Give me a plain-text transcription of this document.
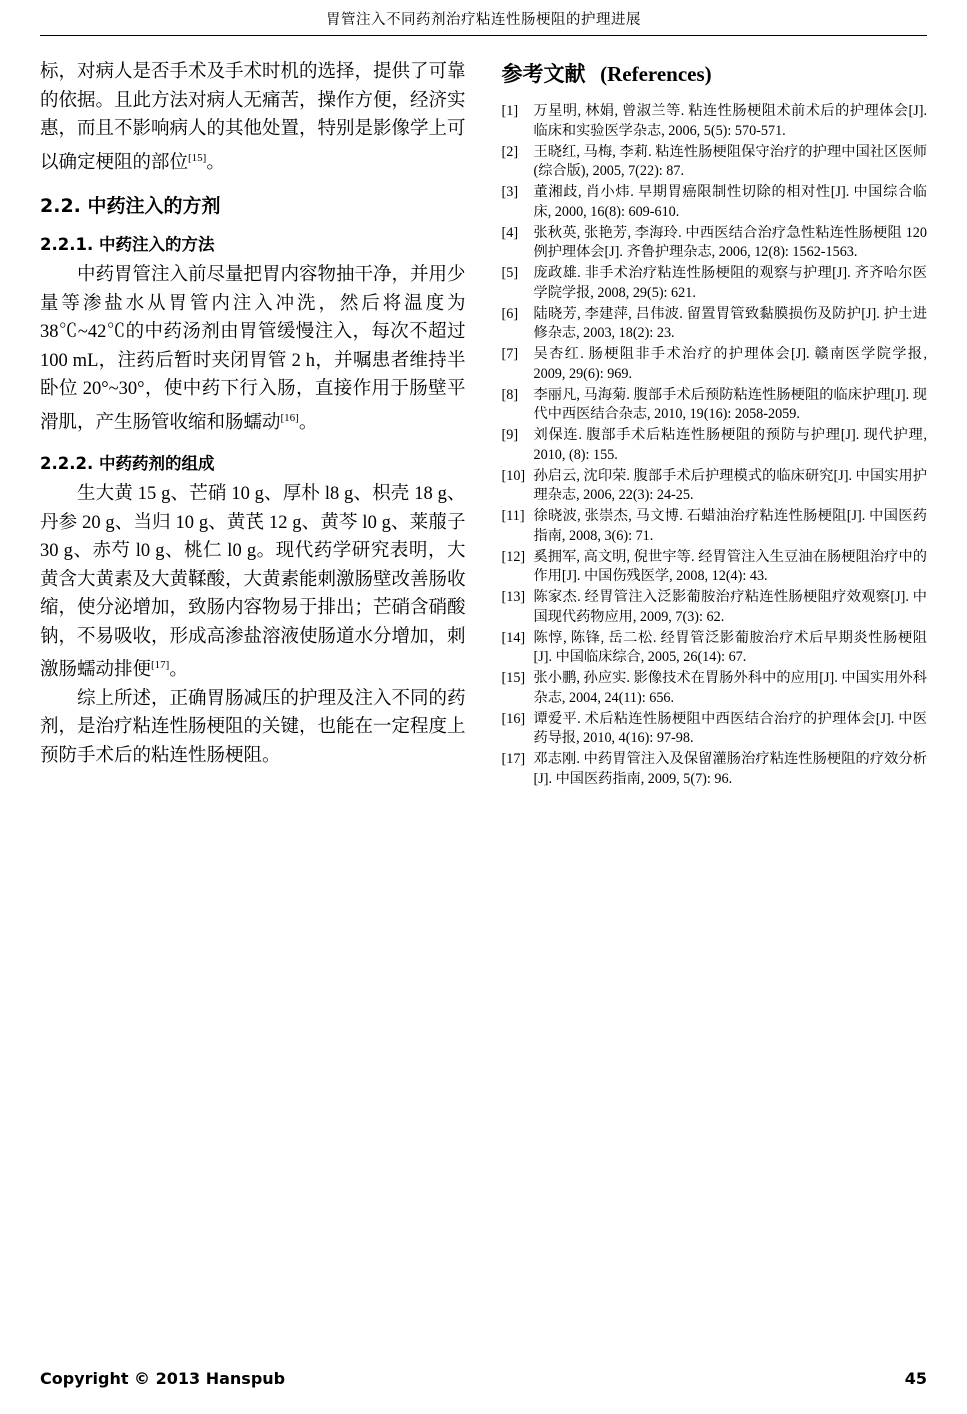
胃管注入不同药剂治疗粘连性肠梗阻的护理进展

标，对病人是否手术及手术时机的选择，提供了可靠的依据。且此方法对病人无痛苦，操作方便，经济实惠，而且不影响病人的其他处置，特别是影像学上可以确定梗阻的部位[15]。

2.2. 中药注入的方剂
2.2.1. 中药注入的方法

中药胃管注入前尽量把胃内容物抽干净，并用少量等渗盐水从胃管内注入冲洗，然后将温度为 38℃~42℃的中药汤剂由胃管缓慢注入，每次不超过 100 mL，注药后暂时夹闭胃管 2 h，并嘱患者维持半卧位 20°~30°，使中药下行入肠，直接作用于肠壁平滑肌，产生肠管收缩和肠蠕动[16]。

2.2.2. 中药药剂的组成

生大黄 15 g、芒硝 10 g、厚朴 l8 g、枳壳 18 g、丹参 20 g、当归 10 g、黄芪 12 g、黄芩 l0 g、莱菔子 30 g、赤芍 l0 g、桃仁 l0 g。现代药学研究表明，大黄含大黄素及大黄鞣酸，大黄素能刺激肠壁改善肠收缩，使分泌增加，致肠内容物易于排出；芒硝含硝酸钠，不易吸收，形成高渗盐溶液使肠道水分增加，刺激肠蠕动排便[17]。

综上所述，正确胃肠减压的护理及注入不同的药剂，是治疗粘连性肠梗阻的关键，也能在一定程度上预防手术后的粘连性肠梗阻。

参考文献 (References)
[1]	万星明, 林娟, 曾淑兰等. 粘连性肠梗阻术前术后的护理体会[J]. 临床和实验医学杂志, 2006, 5(5): 570-571.
[2]	王晓红, 马梅, 李莉. 粘连性肠梗阻保守治疗的护理中国社区医师(综合版), 2005, 7(22): 87.
[3]	董湘歧, 肖小炜. 早期胃癌限制性切除的相对性[J]. 中国综合临床, 2000, 16(8): 609-610.
[4]	张秋英, 张艳芳, 李海玲. 中西医结合治疗急性粘连性肠梗阻 120 例护理体会[J]. 齐鲁护理杂志, 2006, 12(8): 1562-1563.
[5]	庞政雄. 非手术治疗粘连性肠梗阻的观察与护理[J]. 齐齐哈尔医学院学报, 2008, 29(5): 621.
[6]	陆晓芳, 李建萍, 吕伟波. 留置胃管致黏膜损伤及防护[J]. 护士进修杂志, 2003, 18(2): 23.
[7]	吴杏红. 肠梗阻非手术治疗的护理体会[J]. 赣南医学院学报, 2009, 29(6): 969.
[8]	李丽凡, 马海菊. 腹部手术后预防粘连性肠梗阻的临床护理[J]. 现代中西医结合杂志, 2010, 19(16): 2058-2059.
[9]	刘保连. 腹部手术后粘连性肠梗阻的预防与护理[J]. 现代护理, 2010, (8): 155.
[10] 孙启云, 沈印荣. 腹部手术后护理模式的临床研究[J]. 中国实用护理杂志, 2006, 22(3): 24-25.
[11] 徐晓波, 张崇杰, 马文博. 石蜡油治疗粘连性肠梗阻[J]. 中国医药指南, 2008, 3(6): 71.
[12] 奚拥军, 高文明, 倪世宇等. 经胃管注入生豆油在肠梗阻治疗中的作用[J]. 中国伤残医学, 2008, 12(4): 43.
[13] 陈家杰. 经胃管注入泛影葡胺治疗粘连性肠梗阻疗效观察[J]. 中国现代药物应用, 2009, 7(3): 62.
[14] 陈惇, 陈锋, 岳二松. 经胃管泛影葡胺治疗术后早期炎性肠梗阻[J]. 中国临床综合, 2005, 26(14): 67.
[15] 张小鹏, 孙应实. 影像技术在胃肠外科中的应用[J]. 中国实用外科杂志, 2004, 24(11): 656.
[16] 谭爱平. 术后粘连性肠梗阻中西医结合治疗的护理体会[J]. 中医药导报, 2010, 4(16): 97-98.
[17] 邓志刚. 中药胃管注入及保留灌肠治疗粘连性肠梗阻的疗效分析[J]. 中国医药指南, 2009, 5(7): 96.
Copyright © 2013 Hanspub	45
